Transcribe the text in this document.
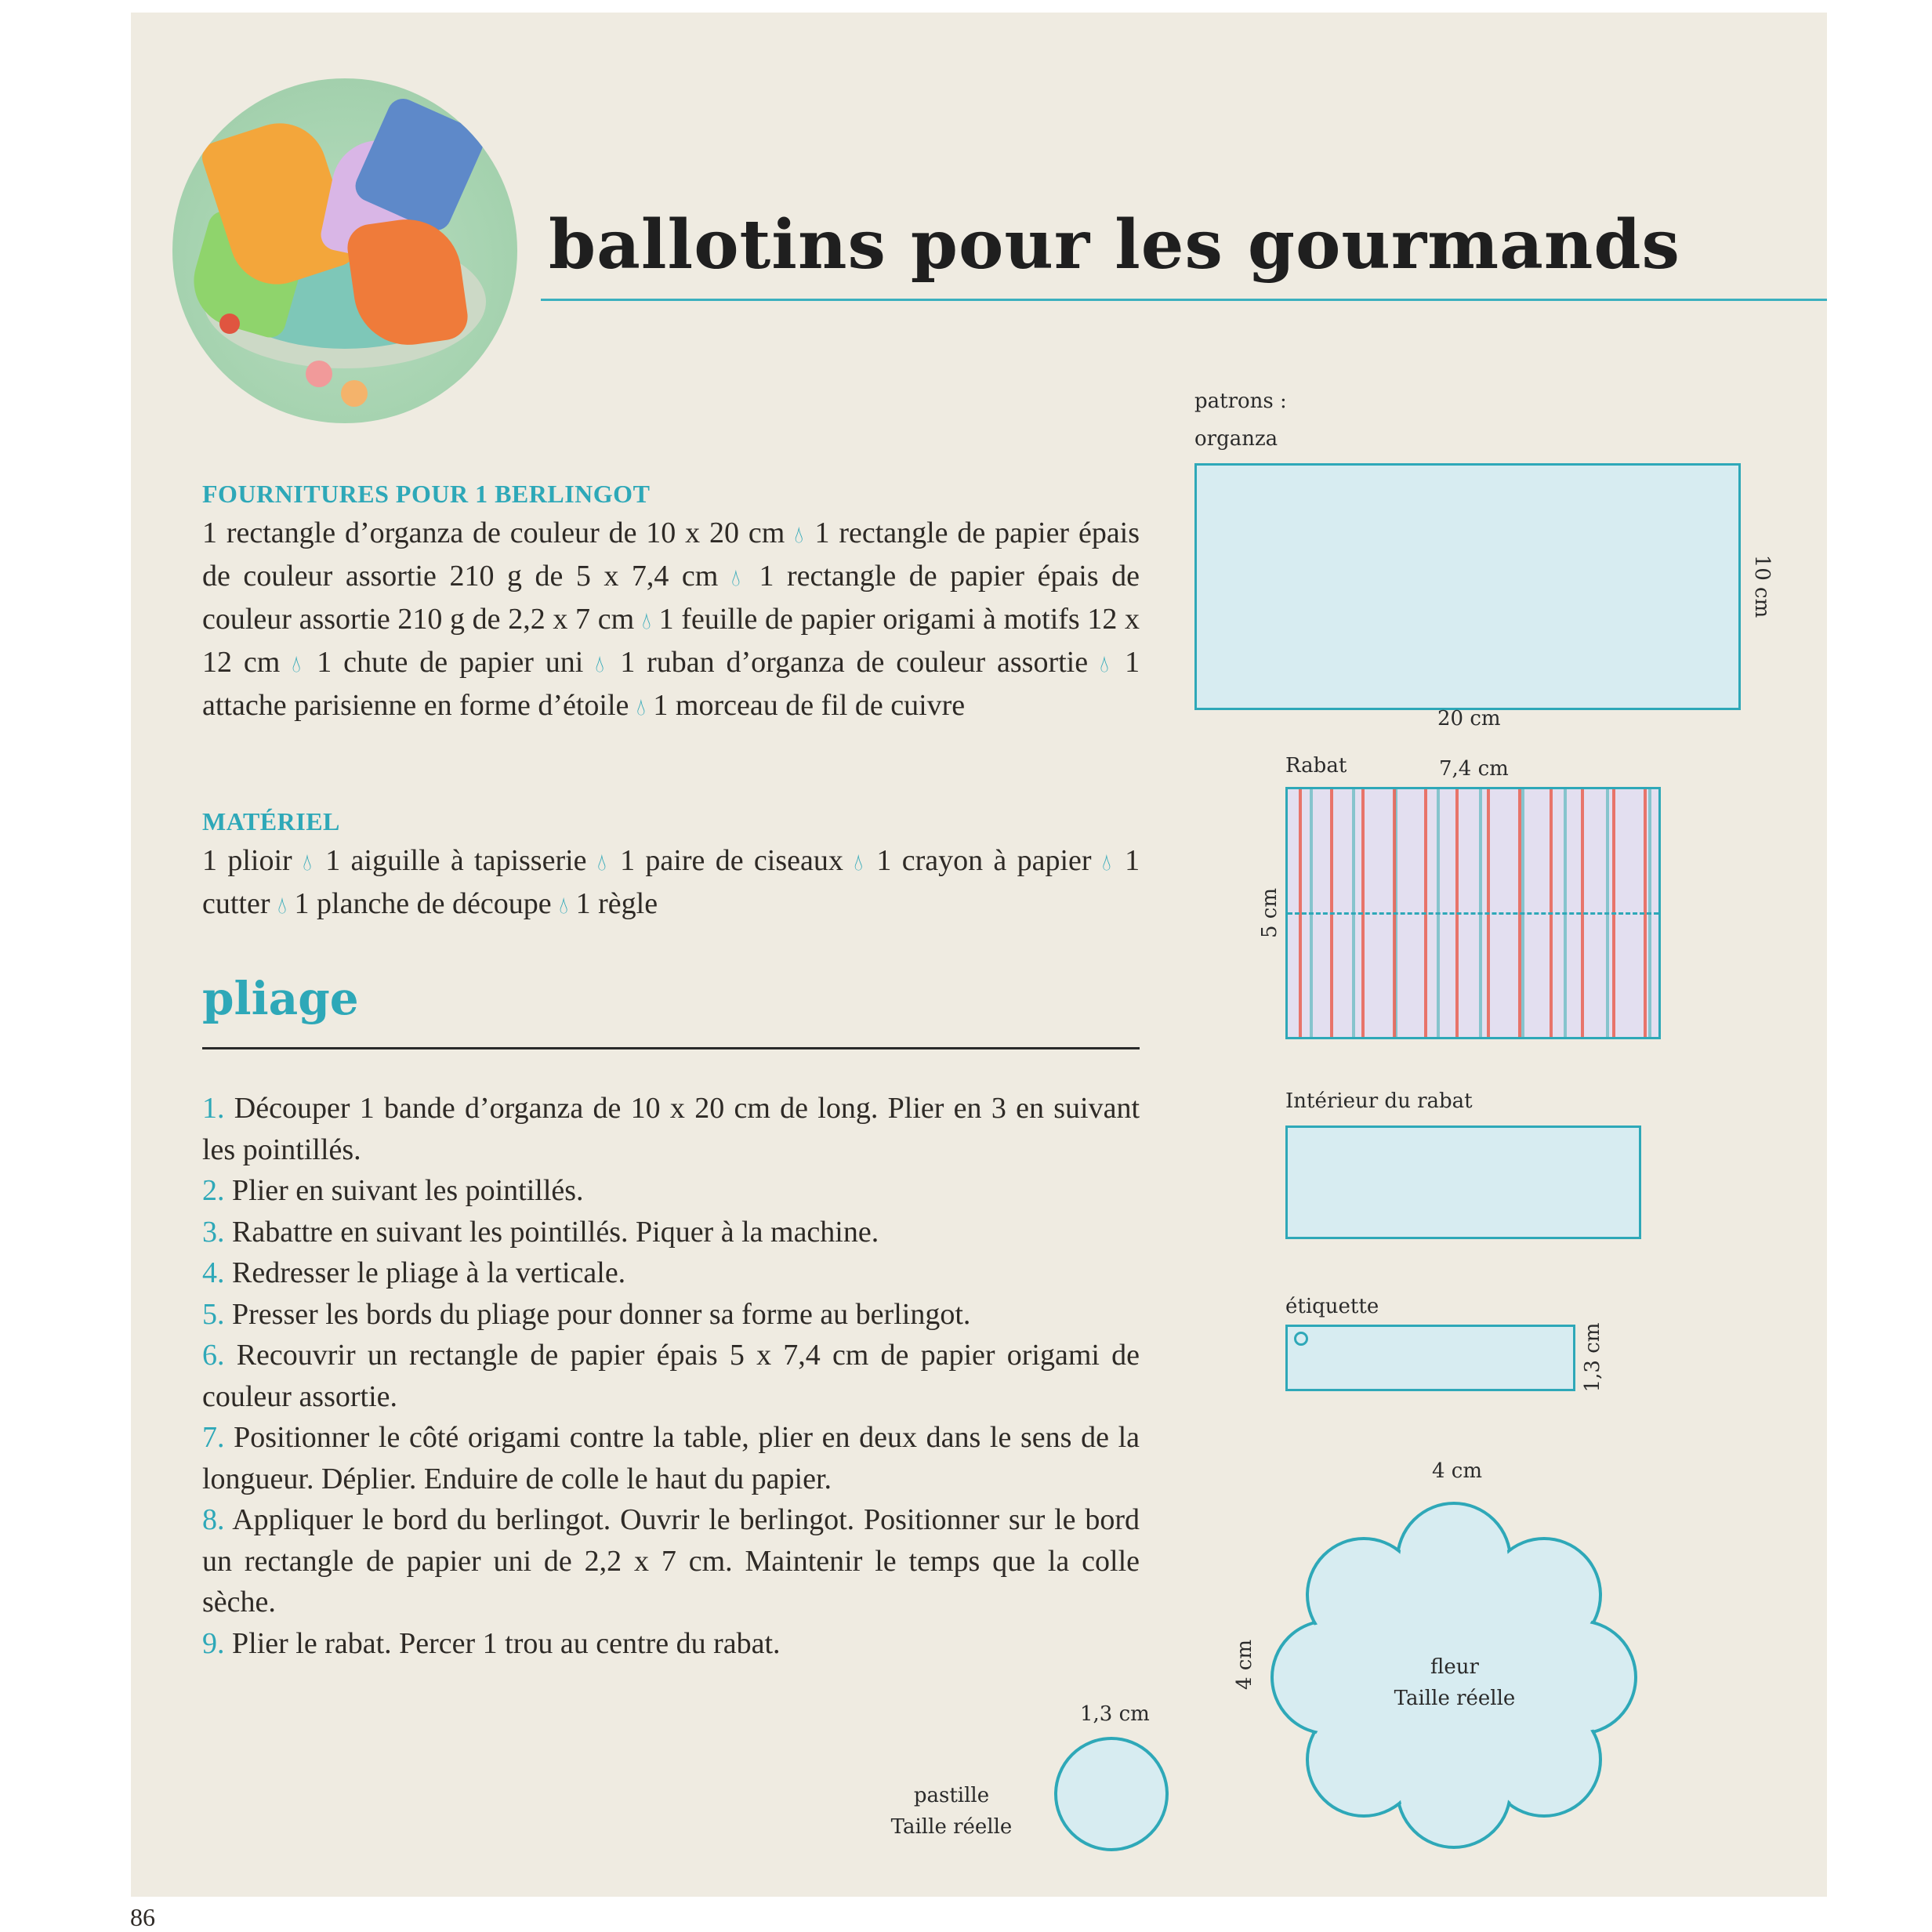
ballotins pour les gourmands
FOURNITURES POUR 1 BERLINGOT
1 rectangle d’organza de couleur de 10 x 20 cm 💧︎ 1 rectangle de papier épais de couleur assortie 210 g de 5 x 7,4 cm 💧︎ 1 rectangle de papier épais de couleur assortie 210 g de 2,2 x 7 cm 💧︎ 1 feuille de papier origami à motifs 12 x 12 cm 💧︎ 1 chute de papier uni 💧︎ 1 ruban d’organza de couleur assortie 💧︎ 1 attache parisienne en forme d’étoile 💧︎ 1 morceau de fil de cuivre
MATÉRIEL
1 plioir 💧︎ 1 aiguille à tapisserie 💧︎ 1 paire de ciseaux 💧︎ 1 crayon à papier 💧︎ 1 cutter 💧︎ 1 planche de découpe 💧︎ 1 règle
pliage
1. Découper 1 bande d’organza de 10 x 20 cm de long. Plier en 3 en suivant les pointillés.
2. Plier en suivant les pointillés.
3. Rabattre en suivant les pointillés. Piquer à la machine.
4. Redresser le pliage à la verticale.
5. Presser les bords du pliage pour donner sa forme au berlingot.
6. Recouvrir un rectangle de papier épais 5 x 7,4 cm de papier origami de couleur assortie.
7. Positionner le côté origami contre la table, plier en deux dans le sens de la longueur. Déplier. Enduire de colle le haut du papier.
8. Appliquer le bord du berlingot. Ouvrir le berlingot. Positionner sur le bord un rectangle de papier uni de 2,2 x 7 cm. Maintenir le temps que la colle sèche.
9. Plier le rabat. Percer 1 trou au centre du rabat.
patrons :
organza
20 cm
10 cm
Rabat	7,4 cm
5 cm
Intérieur du rabat
étiquette
1,3 cm
4 cm
4 cm	fleur
Taille réelle
1,3 cm
pastille
Taille réelle
86
